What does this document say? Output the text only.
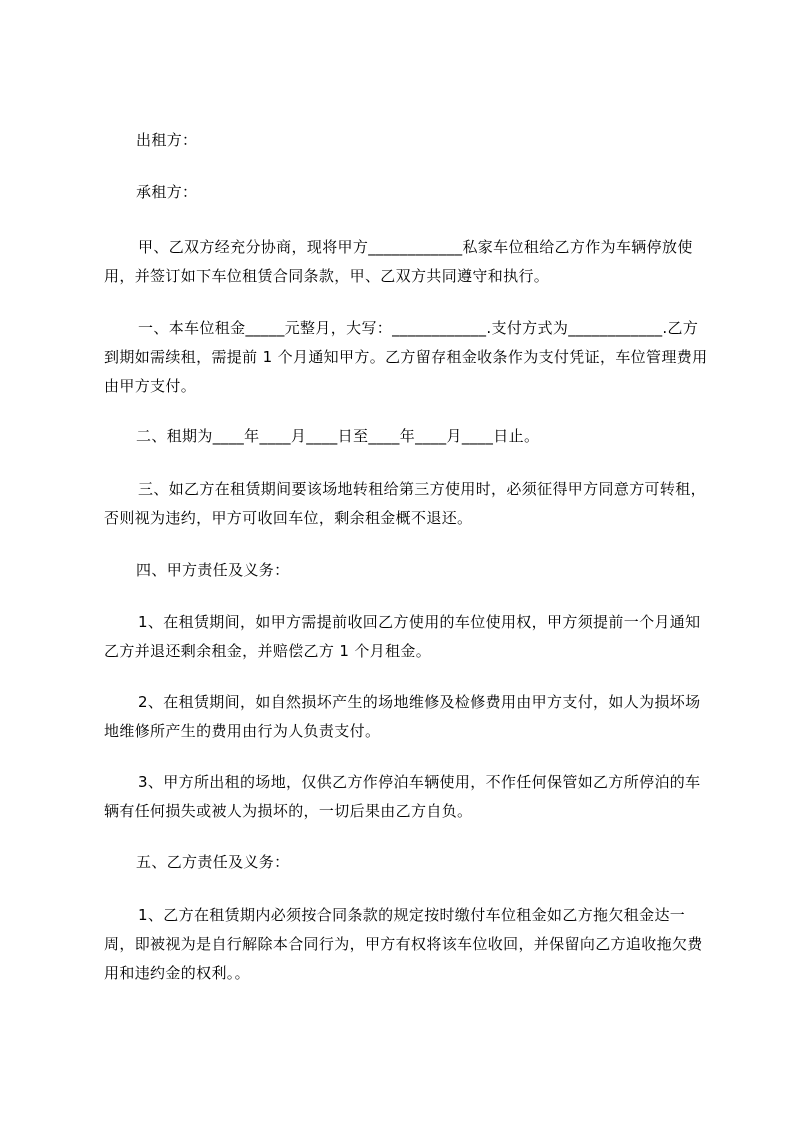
出租方：

承租方：

甲、乙双方经充分协商，现将甲方____________私家车位租给乙方作为车辆停放使用，并签订如下车位租赁合同条款，甲、乙双方共同遵守和执行。

一、本车位租金_____元整月，大写：____________.支付方式为____________.乙方到期如需续租，需提前 1 个月通知甲方。乙方留存租金收条作为支付凭证，车位管理费用由甲方支付。

二、租期为____年____月____日至____年____月____日止。

三、如乙方在租赁期间要该场地转租给第三方使用时，必须征得甲方同意方可转租，否则视为违约，甲方可收回车位，剩余租金概不退还。

四、甲方责任及义务：

1、在租赁期间，如甲方需提前收回乙方使用的车位使用权，甲方须提前一个月通知乙方并退还剩余租金，并赔偿乙方 1 个月租金。

2、在租赁期间，如自然损坏产生的场地维修及检修费用由甲方支付，如人为损坏场地维修所产生的费用由行为人负责支付。

3、甲方所出租的场地，仅供乙方作停泊车辆使用，不作任何保管如乙方所停泊的车辆有任何损失或被人为损坏的，一切后果由乙方自负。

五、乙方责任及义务：

1、乙方在租赁期内必须按合同条款的规定按时缴付车位租金如乙方拖欠租金达一周，即被视为是自行解除本合同行为，甲方有权将该车位收回，并保留向乙方追收拖欠费用和违约金的权利。。
